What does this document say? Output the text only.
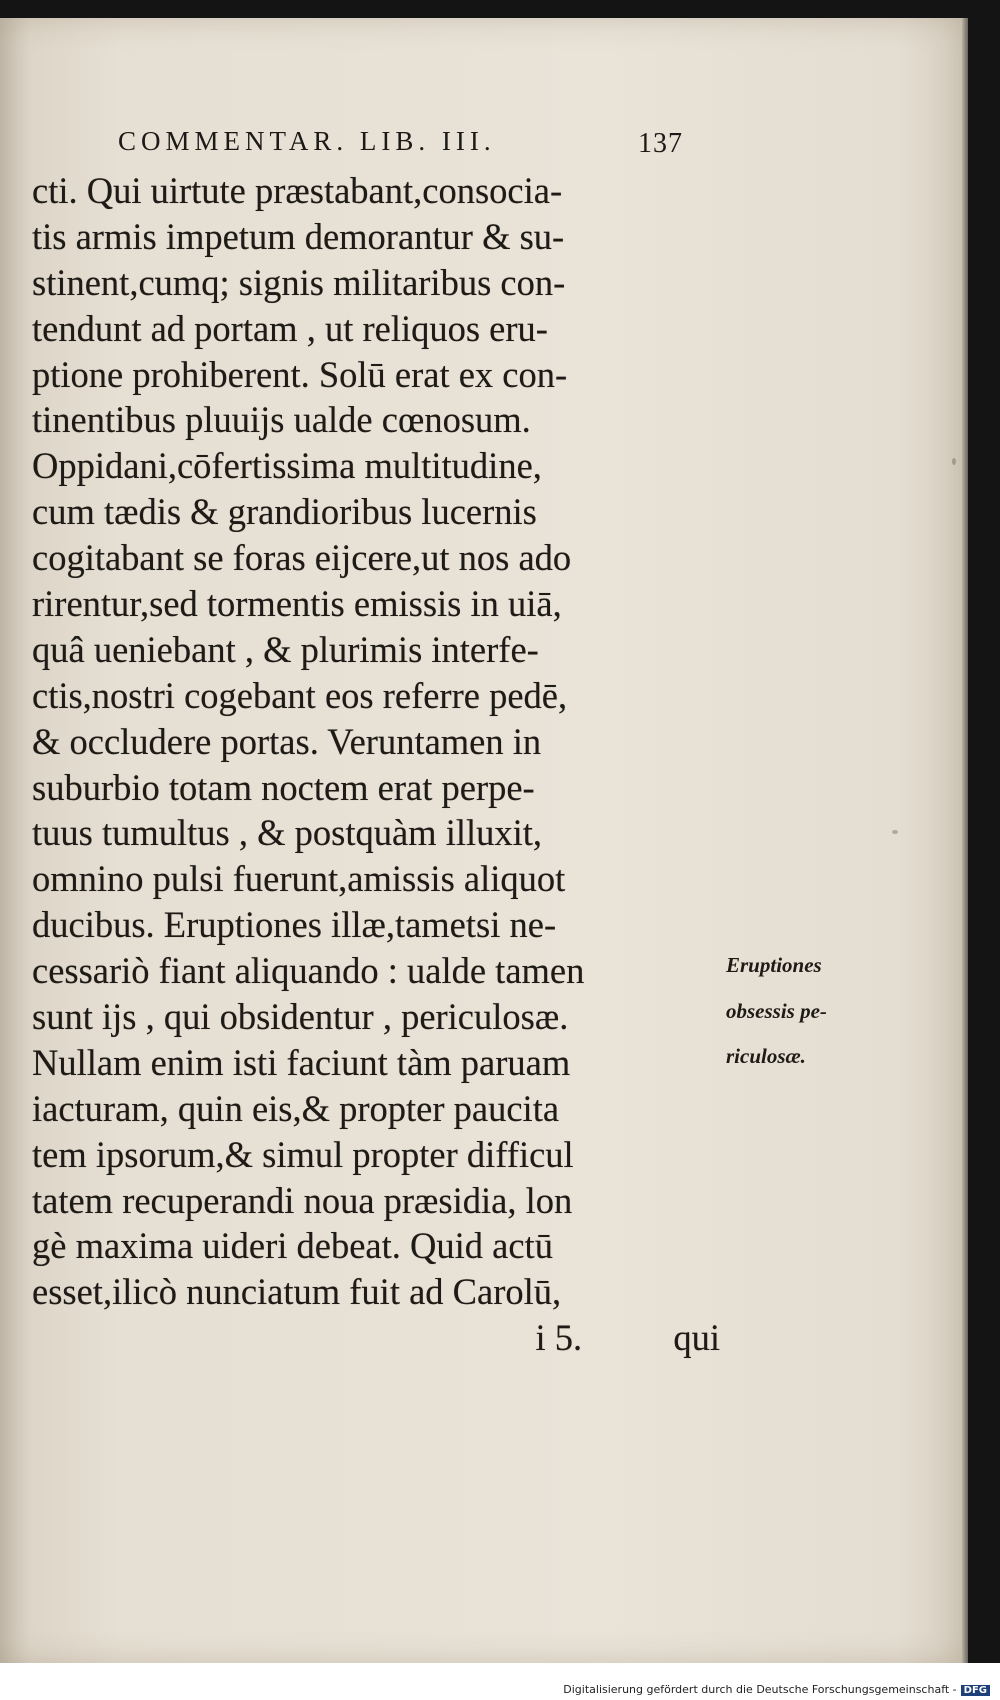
COMMENTAR. LIB. III.	137
cti. Qui uirtute præstabant,consocia-
tis armis impetum demorantur & su-
stinent,cumq; signis militaribus con-
tendunt ad portam , ut reliquos eru-
ptione prohiberent. Solū erat ex con-
tinentibus pluuijs ualde cœnosum.
Oppidani,cōfertissima multitudine,
cum tædis & grandioribus lucernis
cogitabant se foras eijcere,ut nos ado
rirentur,sed tormentis emissis in uiā,
quâ ueniebant , & plurimis interfe-
ctis,nostri cogebant eos referre pedē,
& occludere portas. Veruntamen in
suburbio totam noctem erat perpe-
tuus tumultus , & postquàm illuxit,
omnino pulsi fuerunt,amissis aliquot
ducibus. Eruptiones illæ,tametsi ne-
cessariò fiant aliquando : ualde tamen
sunt ijs , qui obsidentur , periculosæ.
Nullam enim isti faciunt tàm paruam
iacturam, quin eis,& propter paucita
tem ipsorum,& simul propter difficul
tatem recuperandi noua præsidia, lon
gè maxima uideri debeat. Quid actū
esset,ilicò nunciatum fuit ad Carolū,
i 5.          qui
Eruptiones
obsessis pe-
riculosæ.
Digitalisierung gefördert durch die Deutsche Forschungsgemeinschaft - DFG
